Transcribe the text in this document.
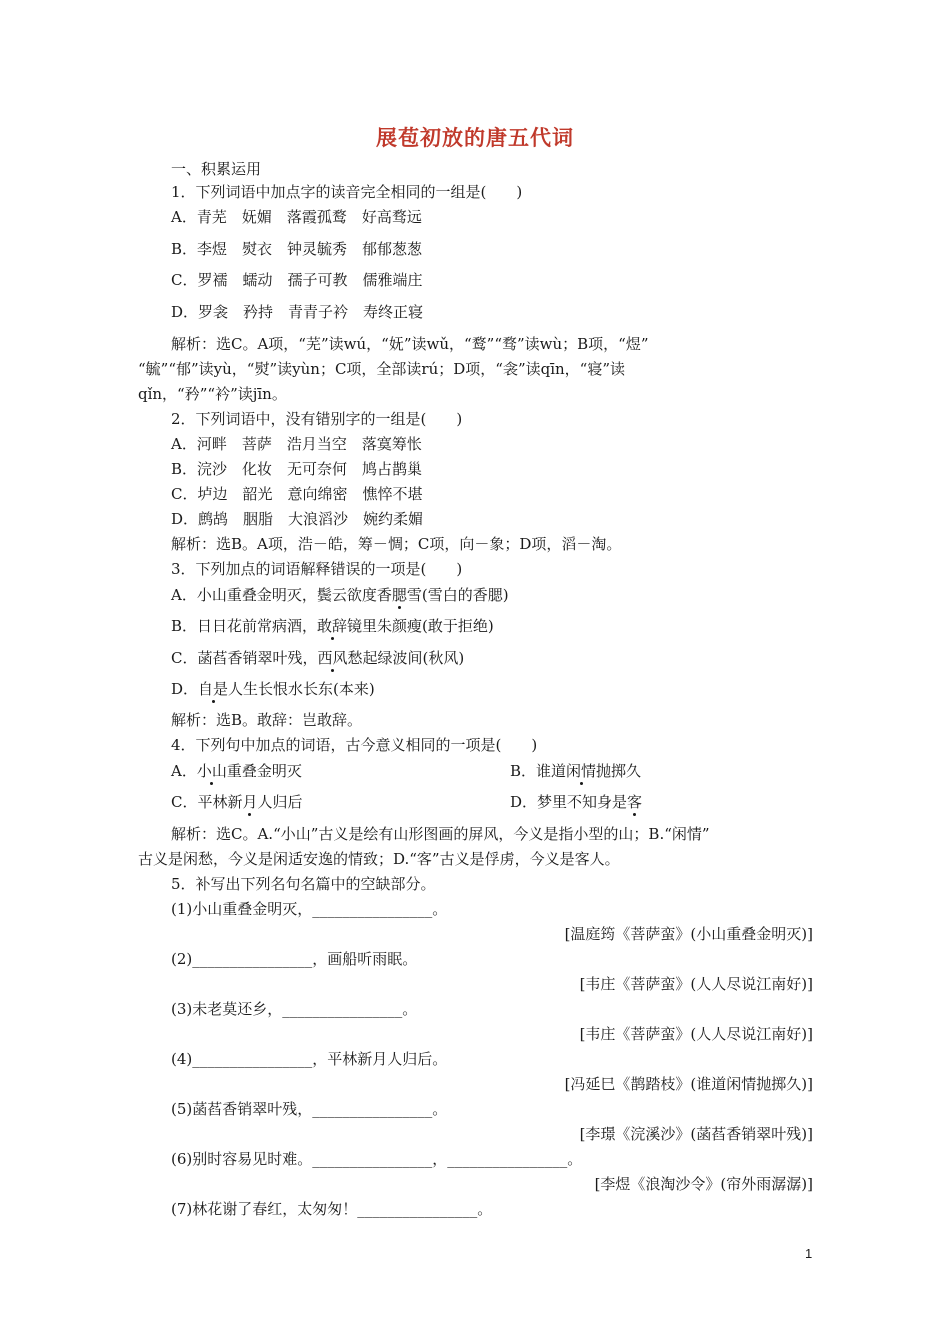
展苞初放的唐五代词
一、积累运用
1．下列词语中加点字的读音完全相同的一组是(　　)
A．青芜　妩媚　落霞孤鹜　好高骛远
B．李煜　熨衣　钟灵毓秀　郁郁葱葱
C．罗襦　蠕动　孺子可教　儒雅端庄
D．罗衾　矜持　青青子衿　寿终正寝
解析：选C。A项，“芜”读wú，“妩”读wǔ，“鹜”“骛”读wù；B项，“煜”
“毓”“郁”读yù，“熨”读yùn；C项，全部读rú；D项，“衾”读qīn，“寝”读
qǐn，“矜”“衿”读jīn。
2．下列词语中，没有错别字的一组是(　　)
A．河畔　菩萨　浩月当空　落寞筹怅
B．浣沙　化妆　无可奈何　鸠占鹊巢
C．垆边　韶光　意向绵密　憔悴不堪
D．鹧鸪　胭脂　大浪滔沙　婉约柔媚
解析：选B。A项，浩－皓，筹－惆；C项，向－象；D项，滔－淘。
3．下列加点的词语解释错误的一项是(　　)
A．小山重叠金明灭，鬓云欲度香腮雪(雪白的香腮)
B．日日花前常病酒，敢辞镜里朱颜瘦(敢于拒绝)
C．菡萏香销翠叶残，西风愁起绿波间(秋风)
D．自是人生长恨水长东(本来)
解析：选B。敢辞：岂敢辞。
4．下列句中加点的词语，古今意义相同的一项是(　　)
A．小山重叠金明灭	B．谁道闲情抛掷久
C．平林新月人归后	D．梦里不知身是客
解析：选C。A.“小山”古义是绘有山形图画的屏风，今义是指小型的山；B.“闲情”
古义是闲愁，今义是闲适安逸的情致；D.“客”古义是俘虏，今义是客人。
5．补写出下列名句名篇中的空缺部分。
(1)小山重叠金明灭，________________。
[温庭筠《菩萨蛮》(小山重叠金明灭)]
(2)________________，画船听雨眠。
[韦庄《菩萨蛮》(人人尽说江南好)]
(3)未老莫还乡，________________。
[韦庄《菩萨蛮》(人人尽说江南好)]
(4)________________，平林新月人归后。
[冯延巳《鹊踏枝》(谁道闲情抛掷久)]
(5)菡萏香销翠叶残，________________。
[李璟《浣溪沙》(菡萏香销翠叶残)]
(6)别时容易见时难。________________，________________。
[李煜《浪淘沙令》(帘外雨潺潺)]
(7)林花谢了春红，太匆匆！________________。
1
